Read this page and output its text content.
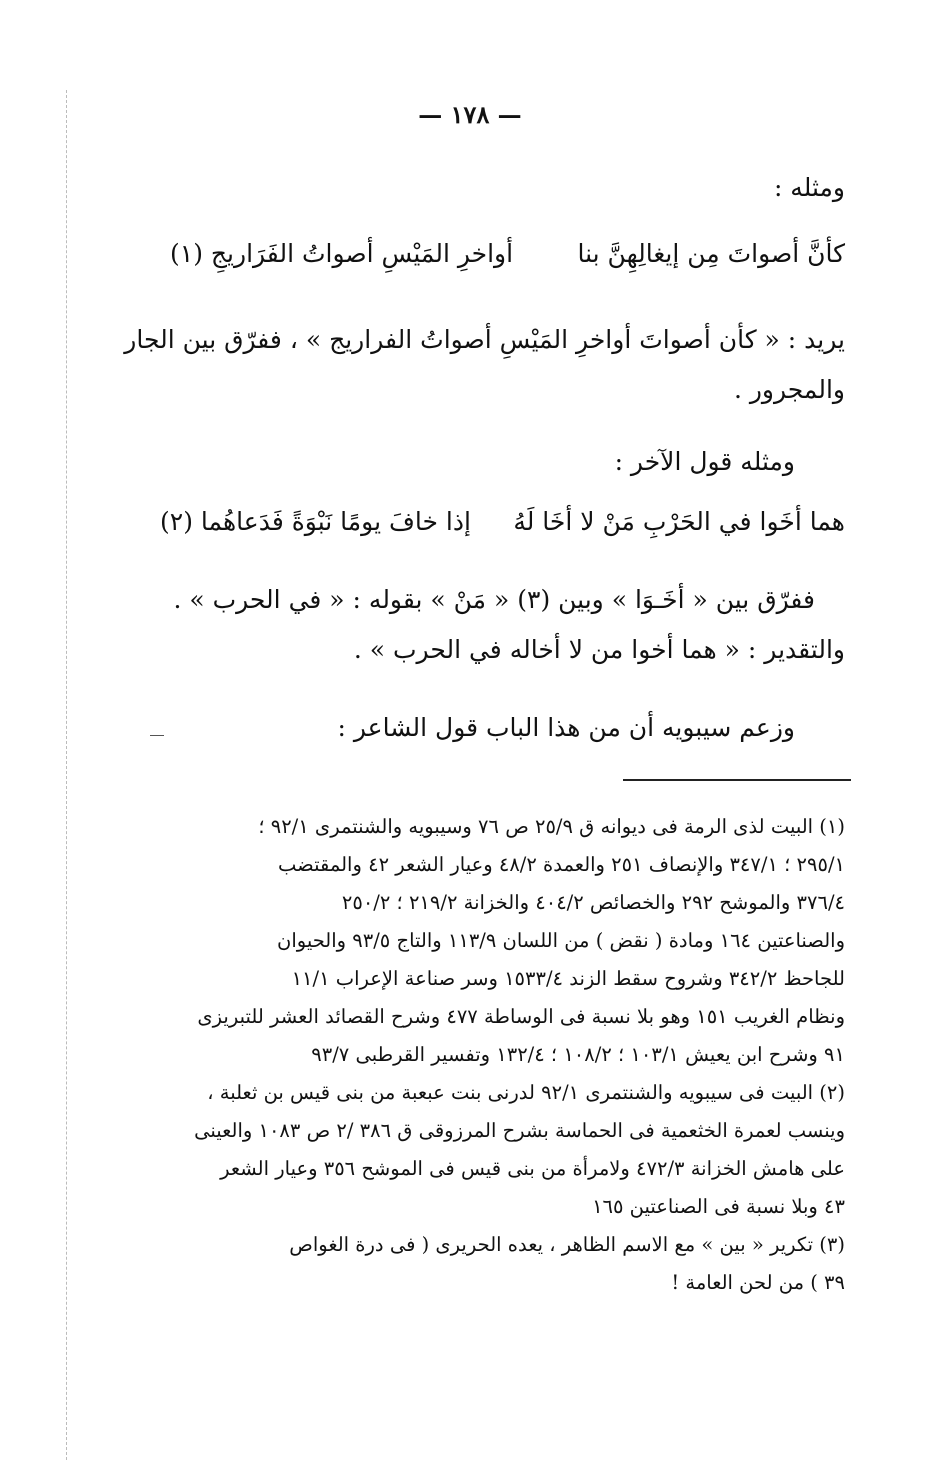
— ١٧٨ —
ومثله :
كأنَّ أصواتَ مِن إيغالِهِنَّ بنا
أواخرِ المَيْسِ أصواتُ الفَرَاريجِ (١)
يريد : « كأن أصواتَ أواخرِ المَيْسِ أصواتُ الفراريج » ، ففرّق بين الجار
والمجرور .
ومثله قول الآخر :
هما أخَوا في الحَرْبِ مَنْ لا أخَا لَهُ
إذا خافَ يومًا نَبْوَةً فَدَعاهُما (٢)
ففرّق بين « أخَـوَا » وبين (٣) « مَنْ » بقوله : « في الحرب » .
والتقدير : « هما أخوا من لا أخاله في الحرب » .
وزعم سيبويه أن من هذا الباب قول الشاعر :
(١) البيت لذى الرمة فى ديوانه ق ٢٥/٩ ص ٧٦ وسيبويه والشنتمرى ٩٢/١ ؛
٢٩٥/١ ؛ ٣٤٧/١ والإنصاف ٢٥١ والعمدة ٤٨/٢ وعيار الشعر ٤٢ والمقتضب
٣٧٦/٤ والموشح ٢٩٢ والخصائص ٤٠٤/٢ والخزانة ٢١٩/٢ ؛ ٢٥٠/٢
والصناعتين ١٦٤ ومادة ( نقض ) من اللسان ١١٣/٩ والتاج ٩٣/٥ والحيوان
للجاحظ ٣٤٢/٢ وشروح سقط الزند ١٥٣٣/٤ وسر صناعة الإعراب ١١/١
ونظام الغريب ١٥١ وهو بلا نسبة فى الوساطة ٤٧٧ وشرح القصائد العشر للتبريزى
٩١ وشرح ابن يعيش ١٠٣/١ ؛ ١٠٨/٢ ؛ ١٣٢/٤ وتفسير القرطبى ٩٣/٧
(٢) البيت فى سيبويه والشنتمرى ٩٢/١ لدرنى بنت عبعبة من بنى قيس بن ثعلبة ،
وينسب لعمرة الخثعمية فى الحماسة بشرح المرزوقى ق ٣٨٦ /٢ ص ١٠٨٣ والعينى
على هامش الخزانة ٤٧٢/٣ ولامرأة من بنى قيس فى الموشح ٣٥٦ وعيار الشعر
٤٣ وبلا نسبة فى الصناعتين ١٦٥
(٣) تكرير « بين » مع الاسم الظاهر ، يعده الحريرى ( فى درة الغواص
٣٩ ) من لحن العامة !
